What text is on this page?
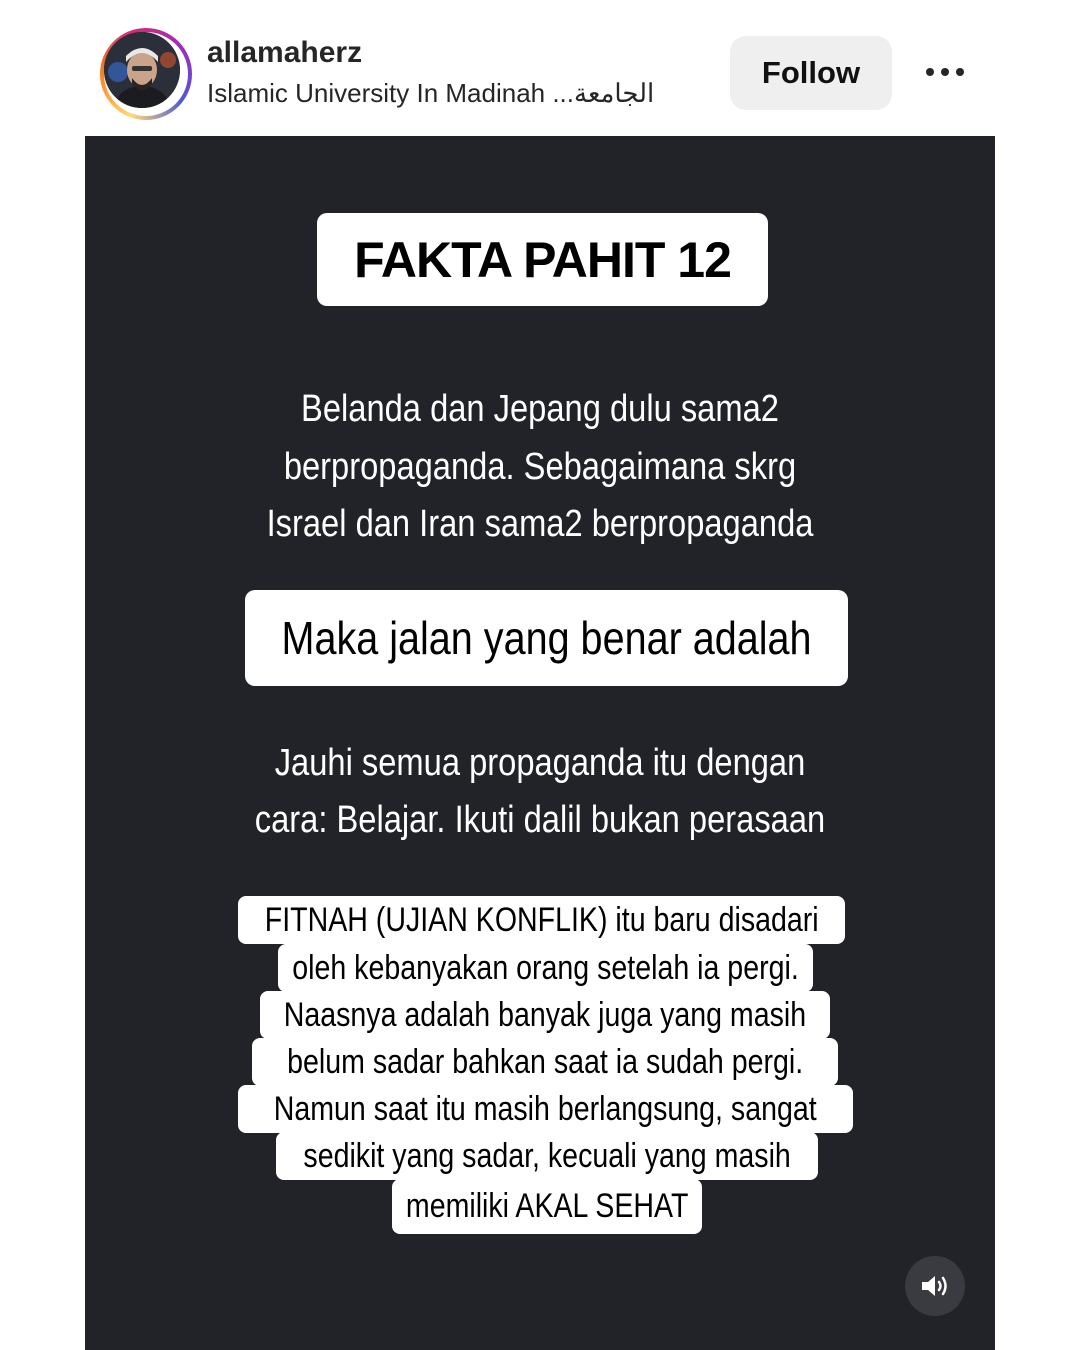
allamaherz
Islamic University In Madinah ...الجامعة
Follow
FAKTA PAHIT 12
Belanda dan Jepang dulu sama2
berpropaganda. Sebagaimana skrg
Israel dan Iran sama2 berpropaganda
Maka jalan yang benar adalah
Jauhi semua propaganda itu dengan
cara: Belajar. Ikuti dalil bukan perasaan
FITNAH (UJIAN KONFLIK) itu baru disadari
oleh kebanyakan orang setelah ia pergi.
Naasnya adalah banyak juga yang masih
belum sadar bahkan saat ia sudah pergi.
Namun saat itu masih berlangsung, sangat
sedikit yang sadar, kecuali yang masih
memiliki AKAL SEHAT
